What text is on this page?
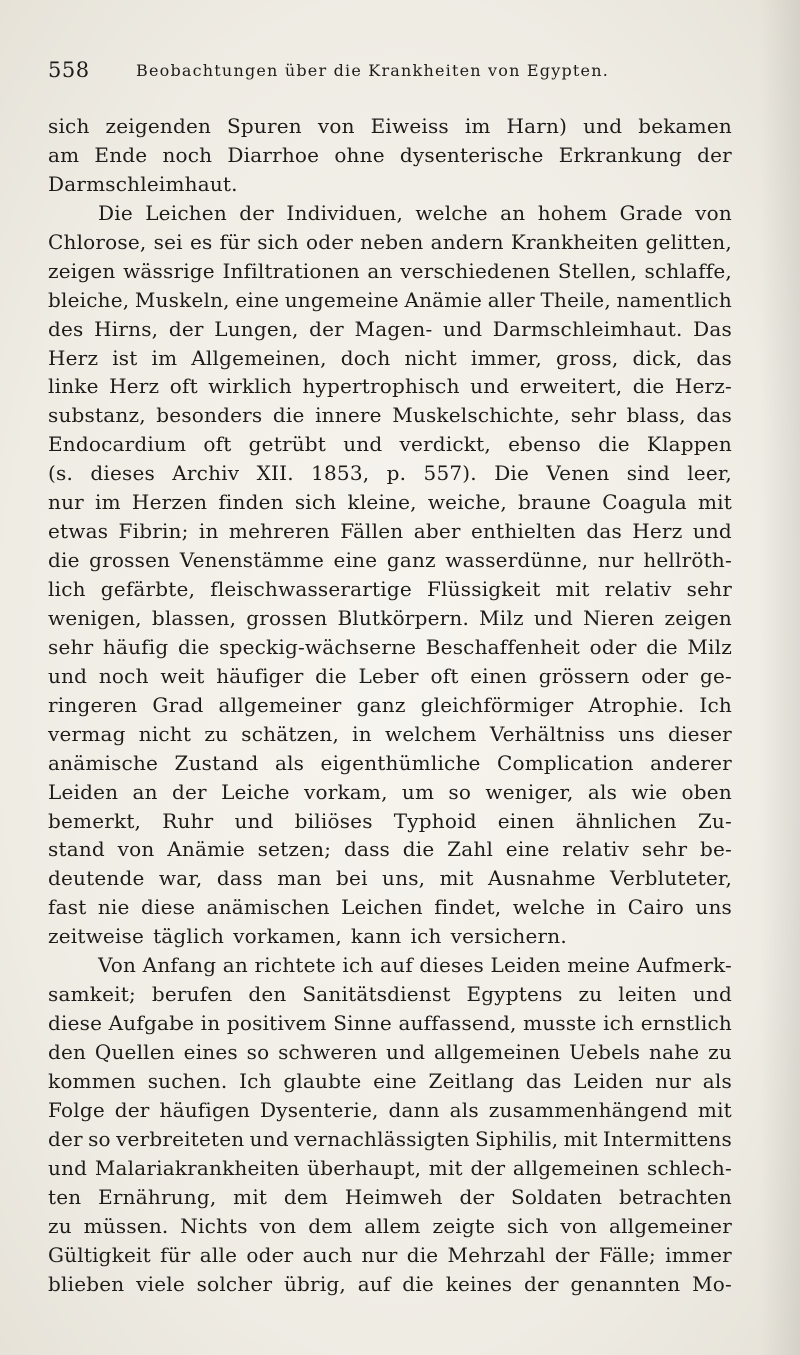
558	Beobachtungen über die Krankheiten von Egypten.
sich zeigenden Spuren von Eiweiss im Harn) und bekamen
am Ende noch Diarrhoe ohne dysenterische Erkrankung der
Darmschleimhaut.
Die Leichen der Individuen, welche an hohem Grade von
Chlorose, sei es für sich oder neben andern Krankheiten gelitten,
zeigen wässrige Infiltrationen an verschiedenen Stellen, schlaffe,
bleiche, Muskeln, eine ungemeine Anämie aller Theile, namentlich
des Hirns, der Lungen, der Magen- und Darmschleimhaut. Das
Herz ist im Allgemeinen, doch nicht immer, gross, dick, das
linke Herz oft wirklich hypertrophisch und erweitert, die Herz-
substanz, besonders die innere Muskelschichte, sehr blass, das
Endocardium oft getrübt und verdickt, ebenso die Klappen
(s. dieses Archiv XII. 1853, p. 557). Die Venen sind leer,
nur im Herzen finden sich kleine, weiche, braune Coagula mit
etwas Fibrin; in mehreren Fällen aber enthielten das Herz und
die grossen Venenstämme eine ganz wasserdünne, nur hellröth-
lich gefärbte, fleischwasserartige Flüssigkeit mit relativ sehr
wenigen, blassen, grossen Blutkörpern. Milz und Nieren zeigen
sehr häufig die speckig-wächserne Beschaffenheit oder die Milz
und noch weit häufiger die Leber oft einen grössern oder ge-
ringeren Grad allgemeiner ganz gleichförmiger Atrophie. Ich
vermag nicht zu schätzen, in welchem Verhältniss uns dieser
anämische Zustand als eigenthümliche Complication anderer
Leiden an der Leiche vorkam, um so weniger, als wie oben
bemerkt, Ruhr und biliöses Typhoid einen ähnlichen Zu-
stand von Anämie setzen; dass die Zahl eine relativ sehr be-
deutende war, dass man bei uns, mit Ausnahme Verbluteter,
fast nie diese anämischen Leichen findet, welche in Cairo uns
zeitweise täglich vorkamen, kann ich versichern.
Von Anfang an richtete ich auf dieses Leiden meine Aufmerk-
samkeit; berufen den Sanitätsdienst Egyptens zu leiten und
diese Aufgabe in positivem Sinne auffassend, musste ich ernstlich
den Quellen eines so schweren und allgemeinen Uebels nahe zu
kommen suchen. Ich glaubte eine Zeitlang das Leiden nur als
Folge der häufigen Dysenterie, dann als zusammenhängend mit
der so verbreiteten und vernachlässigten Siphilis, mit Intermittens
und Malariakrankheiten überhaupt, mit der allgemeinen schlech-
ten Ernährung, mit dem Heimweh der Soldaten betrachten
zu müssen. Nichts von dem allem zeigte sich von allgemeiner
Gültigkeit für alle oder auch nur die Mehrzahl der Fälle; immer
blieben viele solcher übrig, auf die keines der genannten Mo-
